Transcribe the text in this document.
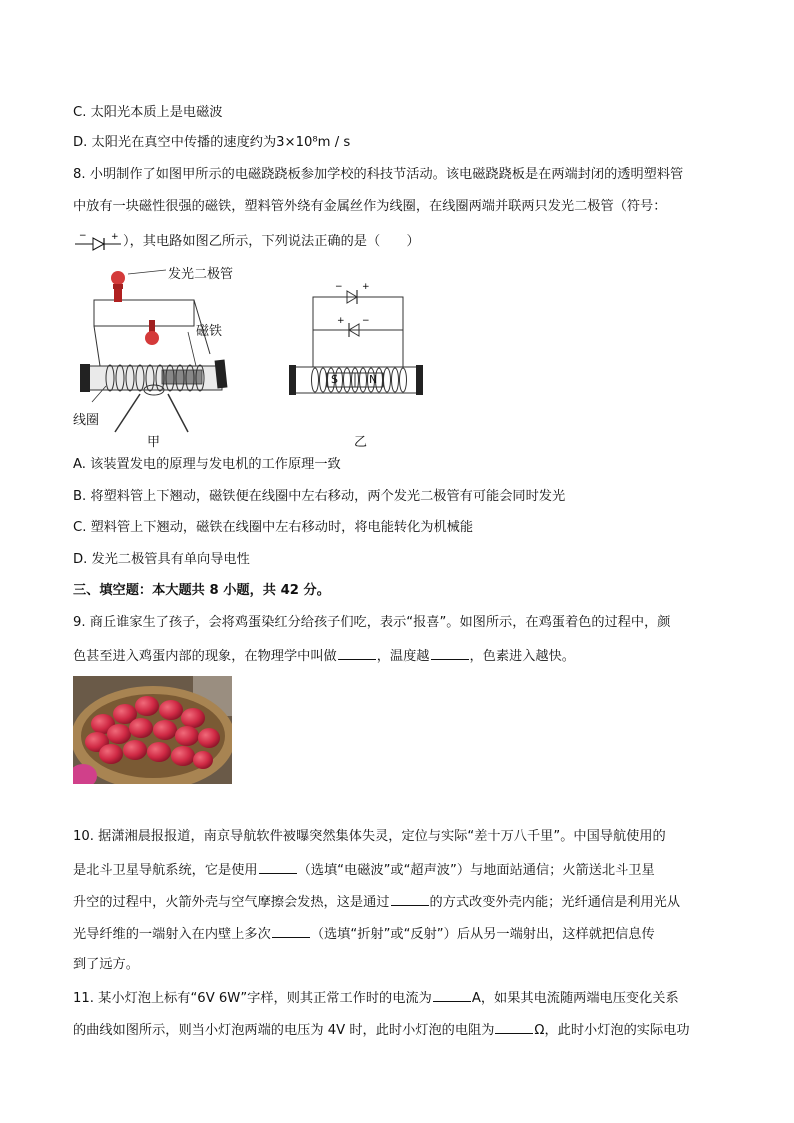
C. 太阳光本质上是电磁波
D. 太阳光在真空中传播的速度约为3×10⁸m / s
8. 小明制作了如图甲所示的电磁跷跷板参加学校的科技节活动。该电磁跷跷板是在两端封闭的透明塑料管
中放有一块磁性很强的磁铁，塑料管外绕有金属丝作为线圈，在线圈两端并联两只发光二极管（符号：
−	+ ），其电路如图乙所示，下列说法正确的是（　　）
发光二极管
磁铁
线圈
甲
− +
+ −
S	N
乙
A. 该装置发电的原理与发电机的工作原理一致
B. 将塑料管上下翘动，磁铁便在线圈中左右移动，两个发光二极管有可能会同时发光
C. 塑料管上下翘动，磁铁在线圈中左右移动时，将电能转化为机械能
D. 发光二极管具有单向导电性
三、填空题：本大题共 8 小题，共 42 分。
9. 商丘谁家生了孩子，会将鸡蛋染红分给孩子们吃，表示“报喜”。如图所示，在鸡蛋着色的过程中，颜
色甚至进入鸡蛋内部的现象，在物理学中叫做	，温度越	，色素进入越快。
10. 据潇湘晨报报道，南京导航软件被曝突然集体失灵，定位与实际“差十万八千里”。中国导航使用的
是北斗卫星导航系统，它是使用	（选填“电磁波”或“超声波”）与地面站通信；火箭送北斗卫星
升空的过程中，火箭外壳与空气摩擦会发热，这是通过	的方式改变外壳内能；光纤通信是利用光从
光导纤维的一端射入在内壁上多次	（选填“折射”或“反射”）后从另一端射出，这样就把信息传
到了远方。
11. 某小灯泡上标有“6V 6W”字样，则其正常工作时的电流为	A，如果其电流随两端电压变化关系
的曲线如图所示，则当小灯泡两端的电压为 4V 时，此时小灯泡的电阻为	Ω，此时小灯泡的实际电功
